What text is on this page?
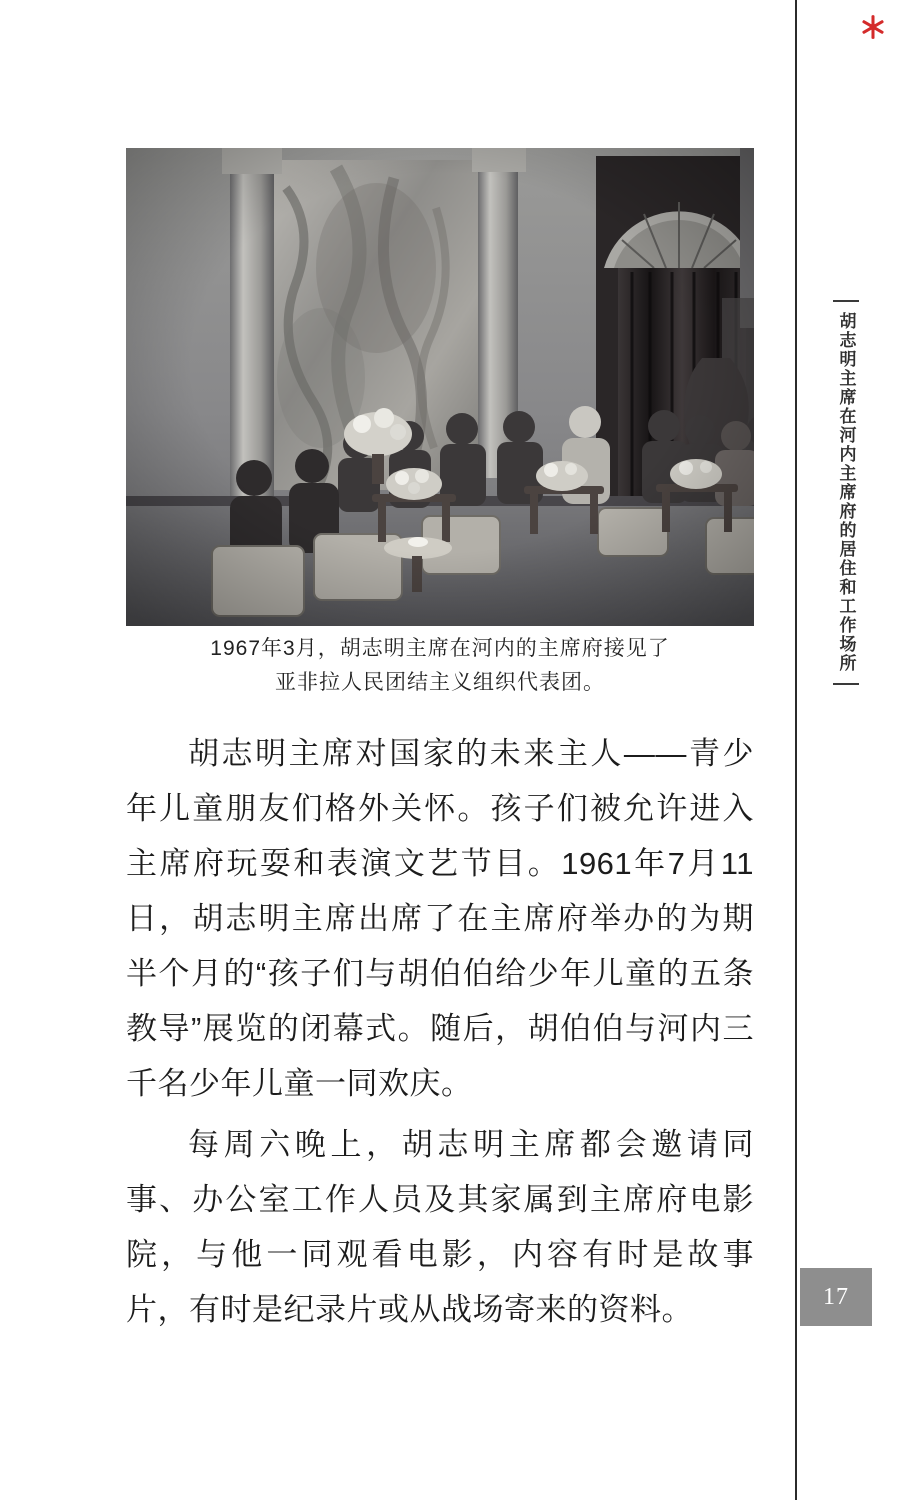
胡志明主席在河内主席府的居住和工作场所
17
1967年3月，胡志明主席在河内的主席府接见了
亚非拉人民团结主义组织代表团。

胡志明主席对国家的未来主人——青少年儿童朋友们格外关怀。孩子们被允许进入主席府玩耍和表演文艺节目。1961年7月11日，胡志明主席出席了在主席府举办的为期半个月的“孩子们与胡伯伯给少年儿童的五条教导”展览的闭幕式。随后，胡伯伯与河内三千名少年儿童一同欢庆。

每周六晚上，胡志明主席都会邀请同事、办公室工作人员及其家属到主席府电影院，与他一同观看电影，内容有时是故事片，有时是纪录片或从战场寄来的资料。
